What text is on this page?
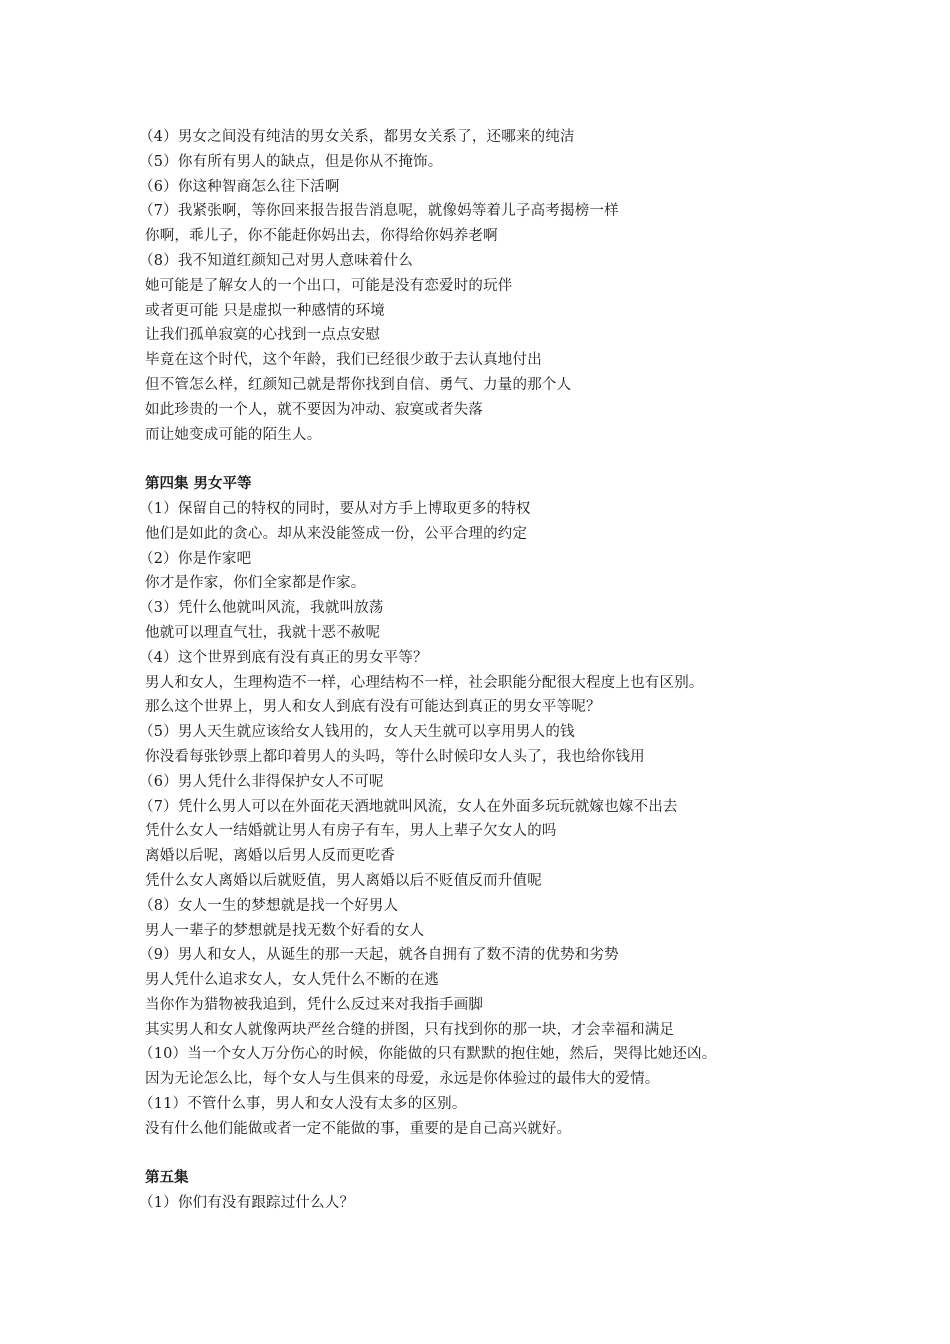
（4）男女之间没有纯洁的男女关系，都男女关系了，还哪来的纯洁
（5）你有所有男人的缺点，但是你从不掩饰。
（6）你这种智商怎么往下活啊
（7）我紧张啊，等你回来报告报告消息呢，就像妈等着儿子高考揭榜一样
你啊，乖儿子，你不能赶你妈出去，你得给你妈养老啊
（8）我不知道红颜知己对男人意味着什么
她可能是了解女人的一个出口，可能是没有恋爱时的玩伴
或者更可能 只是虚拟一种感情的环境
让我们孤单寂寞的心找到一点点安慰
毕竟在这个时代，这个年龄，我们已经很少敢于去认真地付出
但不管怎么样，红颜知己就是帮你找到自信、勇气、力量的那个人
如此珍贵的一个人，就不要因为冲动、寂寞或者失落
而让她变成可能的陌生人。
第四集 男女平等
（1）保留自己的特权的同时，要从对方手上博取更多的特权
他们是如此的贪心。却从来没能签成一份，公平合理的约定
（2）你是作家吧
你才是作家，你们全家都是作家。
（3）凭什么他就叫风流，我就叫放荡
他就可以理直气壮，我就十恶不赦呢
（4）这个世界到底有没有真正的男女平等？
男人和女人，生理构造不一样，心理结构不一样，社会职能分配很大程度上也有区别。
那么这个世界上，男人和女人到底有没有可能达到真正的男女平等呢？
（5）男人天生就应该给女人钱用的，女人天生就可以享用男人的钱
你没看每张钞票上都印着男人的头吗，等什么时候印女人头了，我也给你钱用
（6）男人凭什么非得保护女人不可呢
（7）凭什么男人可以在外面花天酒地就叫风流，女人在外面多玩玩就嫁也嫁不出去
凭什么女人一结婚就让男人有房子有车，男人上辈子欠女人的吗
离婚以后呢，离婚以后男人反而更吃香
凭什么女人离婚以后就贬值，男人离婚以后不贬值反而升值呢
（8）女人一生的梦想就是找一个好男人
男人一辈子的梦想就是找无数个好看的女人
（9）男人和女人，从诞生的那一天起，就各自拥有了数不清的优势和劣势
男人凭什么追求女人，女人凭什么不断的在逃
当你作为猎物被我追到，凭什么反过来对我指手画脚
其实男人和女人就像两块严丝合缝的拼图，只有找到你的那一块，才会幸福和满足
（10）当一个女人万分伤心的时候，你能做的只有默默的抱住她，然后，哭得比她还凶。
因为无论怎么比，每个女人与生俱来的母爱，永远是你体验过的最伟大的爱情。
（11）不管什么事，男人和女人没有太多的区别。
没有什么他们能做或者一定不能做的事，重要的是自己高兴就好。
第五集
（1）你们有没有跟踪过什么人？
